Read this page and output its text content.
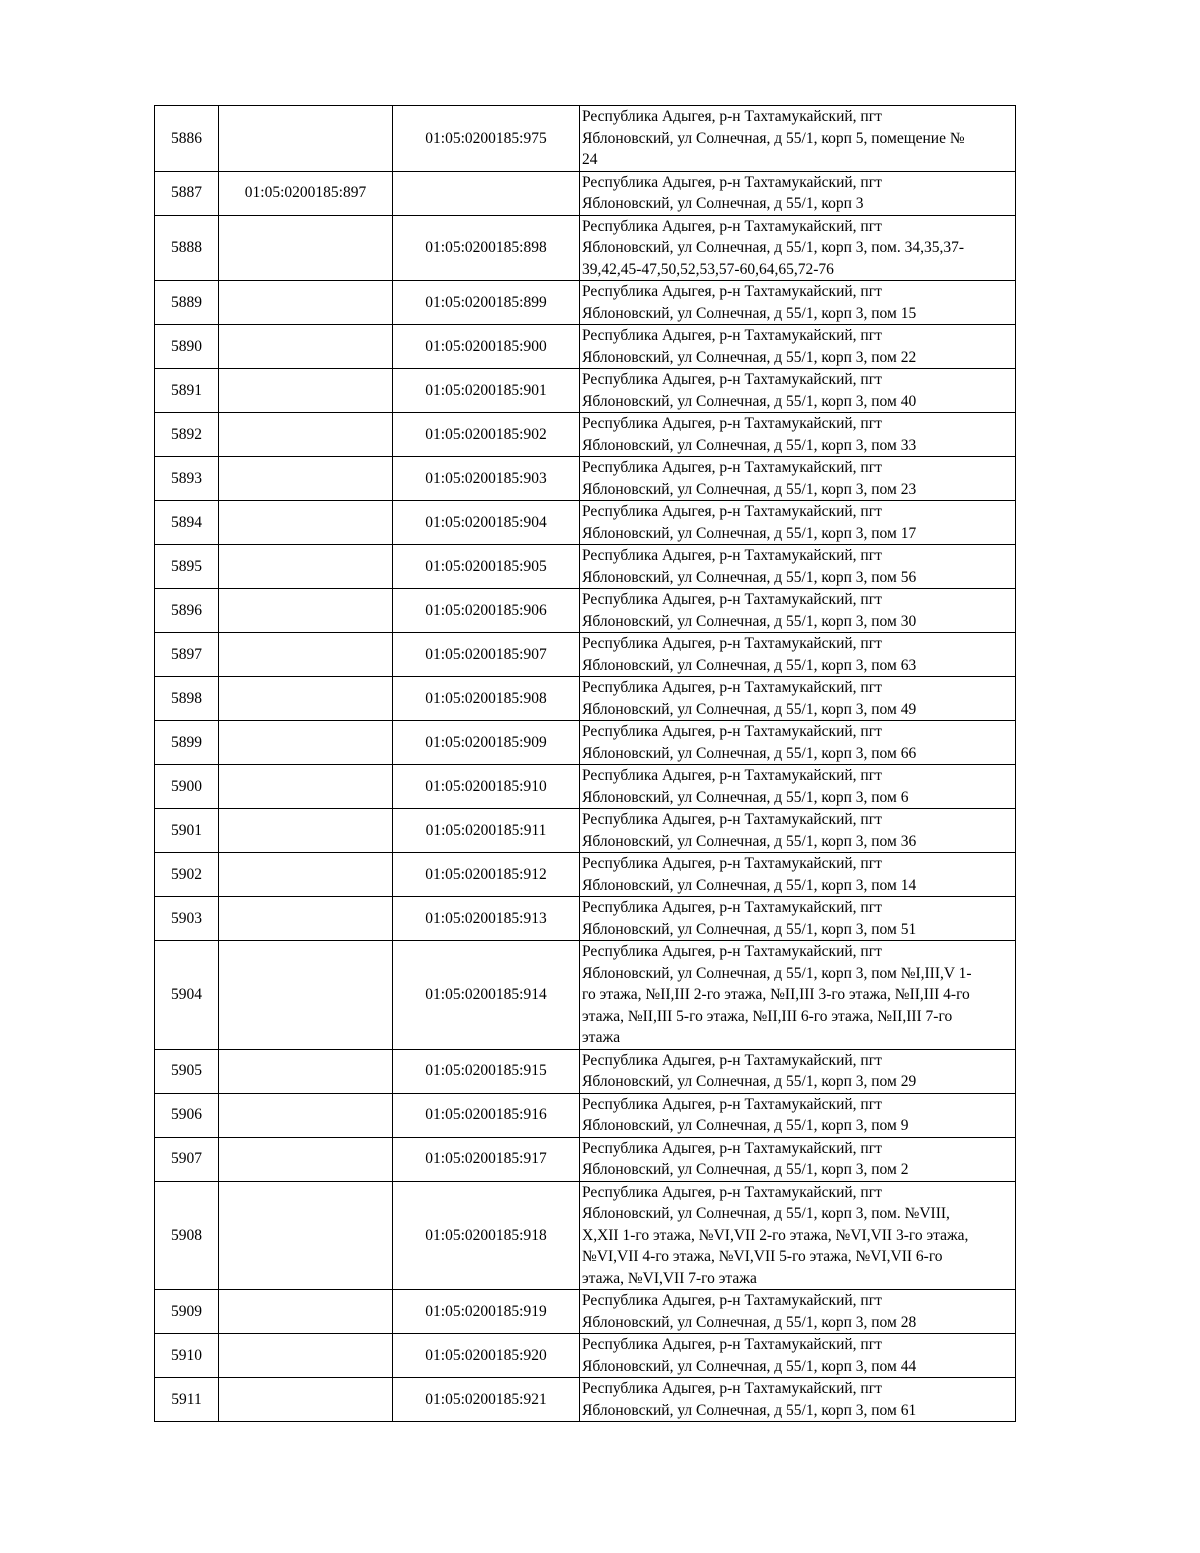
5886		01:05:0200185:975	Республика Адыгея, р-н Тахтамукайский, пгт
Яблоновский, ул Солнечная, д 55/1, корп 5, помещение №
24

5887	01:05:0200185:897		Республика Адыгея, р-н Тахтамукайский, пгт
Яблоновский, ул Солнечная, д 55/1, корп 3

5888		01:05:0200185:898	Республика Адыгея, р-н Тахтамукайский, пгт
Яблоновский, ул Солнечная, д 55/1, корп 3, пом. 34,35,37-
39,42,45-47,50,52,53,57-60,64,65,72-76

5889		01:05:0200185:899	Республика Адыгея, р-н Тахтамукайский, пгт
Яблоновский, ул Солнечная, д 55/1, корп 3, пом 15

5890		01:05:0200185:900	Республика Адыгея, р-н Тахтамукайский, пгт
Яблоновский, ул Солнечная, д 55/1, корп 3, пом 22

5891		01:05:0200185:901	Республика Адыгея, р-н Тахтамукайский, пгт
Яблоновский, ул Солнечная, д 55/1, корп 3, пом 40

5892		01:05:0200185:902	Республика Адыгея, р-н Тахтамукайский, пгт
Яблоновский, ул Солнечная, д 55/1, корп 3, пом 33

5893		01:05:0200185:903	Республика Адыгея, р-н Тахтамукайский, пгт
Яблоновский, ул Солнечная, д 55/1, корп 3, пом 23

5894		01:05:0200185:904	Республика Адыгея, р-н Тахтамукайский, пгт
Яблоновский, ул Солнечная, д 55/1, корп 3, пом 17

5895		01:05:0200185:905	Республика Адыгея, р-н Тахтамукайский, пгт
Яблоновский, ул Солнечная, д 55/1, корп 3, пом 56

5896		01:05:0200185:906	Республика Адыгея, р-н Тахтамукайский, пгт
Яблоновский, ул Солнечная, д 55/1, корп 3, пом 30

5897		01:05:0200185:907	Республика Адыгея, р-н Тахтамукайский, пгт
Яблоновский, ул Солнечная, д 55/1, корп 3, пом 63

5898		01:05:0200185:908	Республика Адыгея, р-н Тахтамукайский, пгт
Яблоновский, ул Солнечная, д 55/1, корп 3, пом 49

5899		01:05:0200185:909	Республика Адыгея, р-н Тахтамукайский, пгт
Яблоновский, ул Солнечная, д 55/1, корп 3, пом 66

5900		01:05:0200185:910	Республика Адыгея, р-н Тахтамукайский, пгт
Яблоновский, ул Солнечная, д 55/1, корп 3, пом 6

5901		01:05:0200185:911	Республика Адыгея, р-н Тахтамукайский, пгт
Яблоновский, ул Солнечная, д 55/1, корп 3, пом 36

5902		01:05:0200185:912	Республика Адыгея, р-н Тахтамукайский, пгт
Яблоновский, ул Солнечная, д 55/1, корп 3, пом 14

5903		01:05:0200185:913	Республика Адыгея, р-н Тахтамукайский, пгт
Яблоновский, ул Солнечная, д 55/1, корп 3, пом 51

5904		01:05:0200185:914	Республика Адыгея, р-н Тахтамукайский, пгт
Яблоновский, ул Солнечная, д 55/1, корп 3, пом №I,III,V 1-
го этажа, №II,III 2-го этажа, №II,III 3-го этажа, №II,III 4-го
этажа, №II,III 5-го этажа, №II,III 6-го этажа, №II,III 7-го
этажа

5905		01:05:0200185:915	Республика Адыгея, р-н Тахтамукайский, пгт
Яблоновский, ул Солнечная, д 55/1, корп 3, пом 29

5906		01:05:0200185:916	Республика Адыгея, р-н Тахтамукайский, пгт
Яблоновский, ул Солнечная, д 55/1, корп 3, пом 9

5907		01:05:0200185:917	Республика Адыгея, р-н Тахтамукайский, пгт
Яблоновский, ул Солнечная, д 55/1, корп 3, пом 2

5908		01:05:0200185:918	Республика Адыгея, р-н Тахтамукайский, пгт
Яблоновский, ул Солнечная, д 55/1, корп 3, пом. №VIII,
X,XII 1-го этажа, №VI,VII 2-го этажа, №VI,VII 3-го этажа,
№VI,VII 4-го этажа, №VI,VII 5-го этажа, №VI,VII 6-го
этажа, №VI,VII 7-го этажа

5909		01:05:0200185:919	Республика Адыгея, р-н Тахтамукайский, пгт
Яблоновский, ул Солнечная, д 55/1, корп 3, пом 28

5910		01:05:0200185:920	Республика Адыгея, р-н Тахтамукайский, пгт
Яблоновский, ул Солнечная, д 55/1, корп 3, пом 44

5911		01:05:0200185:921	Республика Адыгея, р-н Тахтамукайский, пгт
Яблоновский, ул Солнечная, д 55/1, корп 3, пом 61
